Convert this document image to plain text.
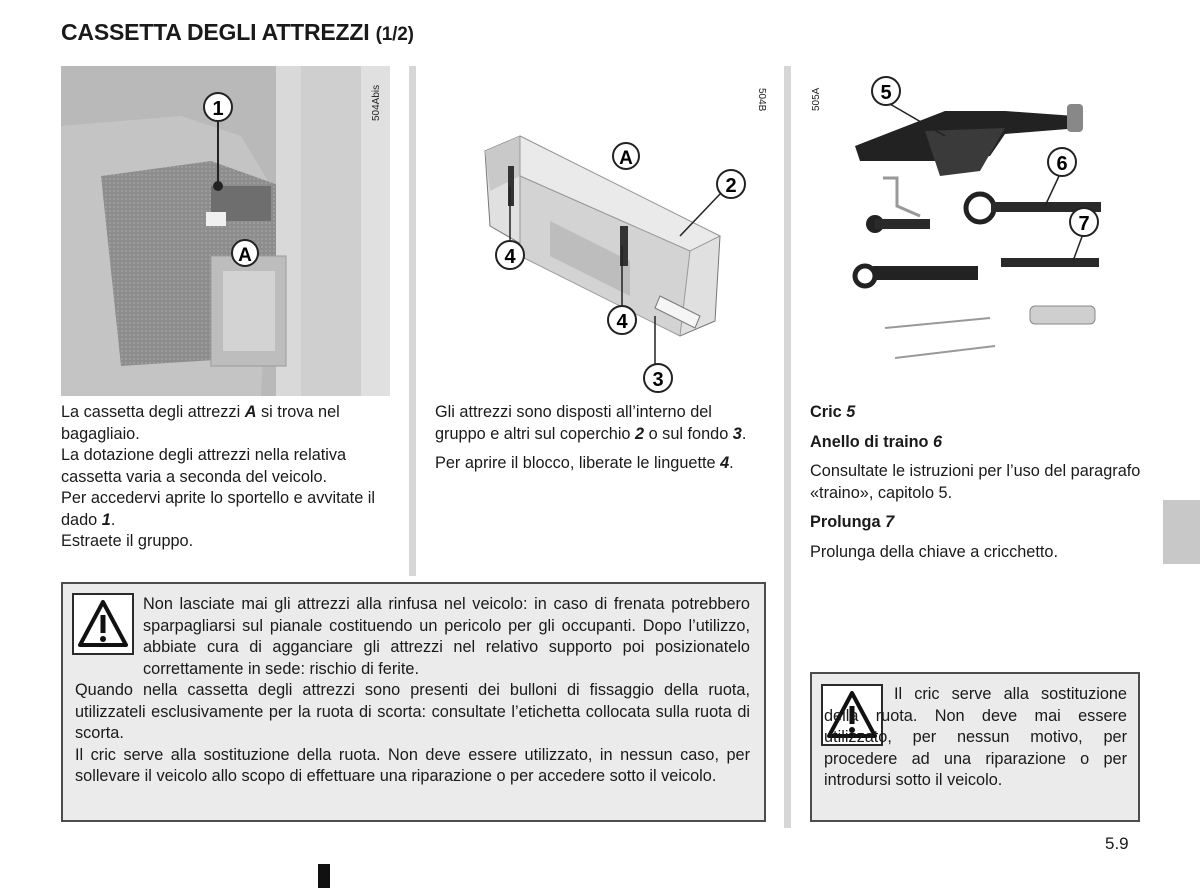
CASSETTA DEGLI ATTREZZI (1/2)
504Abis
1
A

La cassetta degli attrezzi A si trova nel bagagliaio.

La dotazione degli attrezzi nella relativa cassetta varia a seconda del veicolo.

Per accedervi aprite lo sportello e avvitate il dado 1.

Estraete il gruppo.

504B
A
2
4
4
3

Gli attrezzi sono disposti all’interno del gruppo e altri sul coperchio 2 o sul fondo 3.

Per aprire il blocco, liberate le linguette 4.

505A	5
6
7

Cric 5

Anello di traino 6

Consultate le istruzioni per l’uso del paragrafo «traino», capitolo 5.

Prolunga 7

Prolunga della chiave a cricchetto.

Non lasciate mai gli attrezzi alla rinfusa nel veicolo: in caso di frenata potrebbero sparpagliarsi sul pianale costituendo un pericolo per gli occupanti. Dopo l’utilizzo, abbiate cura di agganciare gli attrezzi nel relativo supporto poi posizionatelo correttamente in sede: rischio di ferite.

Quando nella cassetta degli attrezzi sono presenti dei bulloni di fissaggio della ruota, utilizzateli esclusivamente per la ruota di scorta: consultate l’etichetta collocata sulla ruota di scorta.

Il cric serve alla sostituzione della ruota. Non deve essere utilizzato, in nessun caso, per sollevare il veicolo allo scopo di effettuare una riparazione o per accedere sotto il veicolo.

Il cric serve alla sostituzione della ruota. Non deve mai essere utilizzato, per nessun motivo, per procedere ad una riparazione o per introdursi sotto il veicolo.

5.9
